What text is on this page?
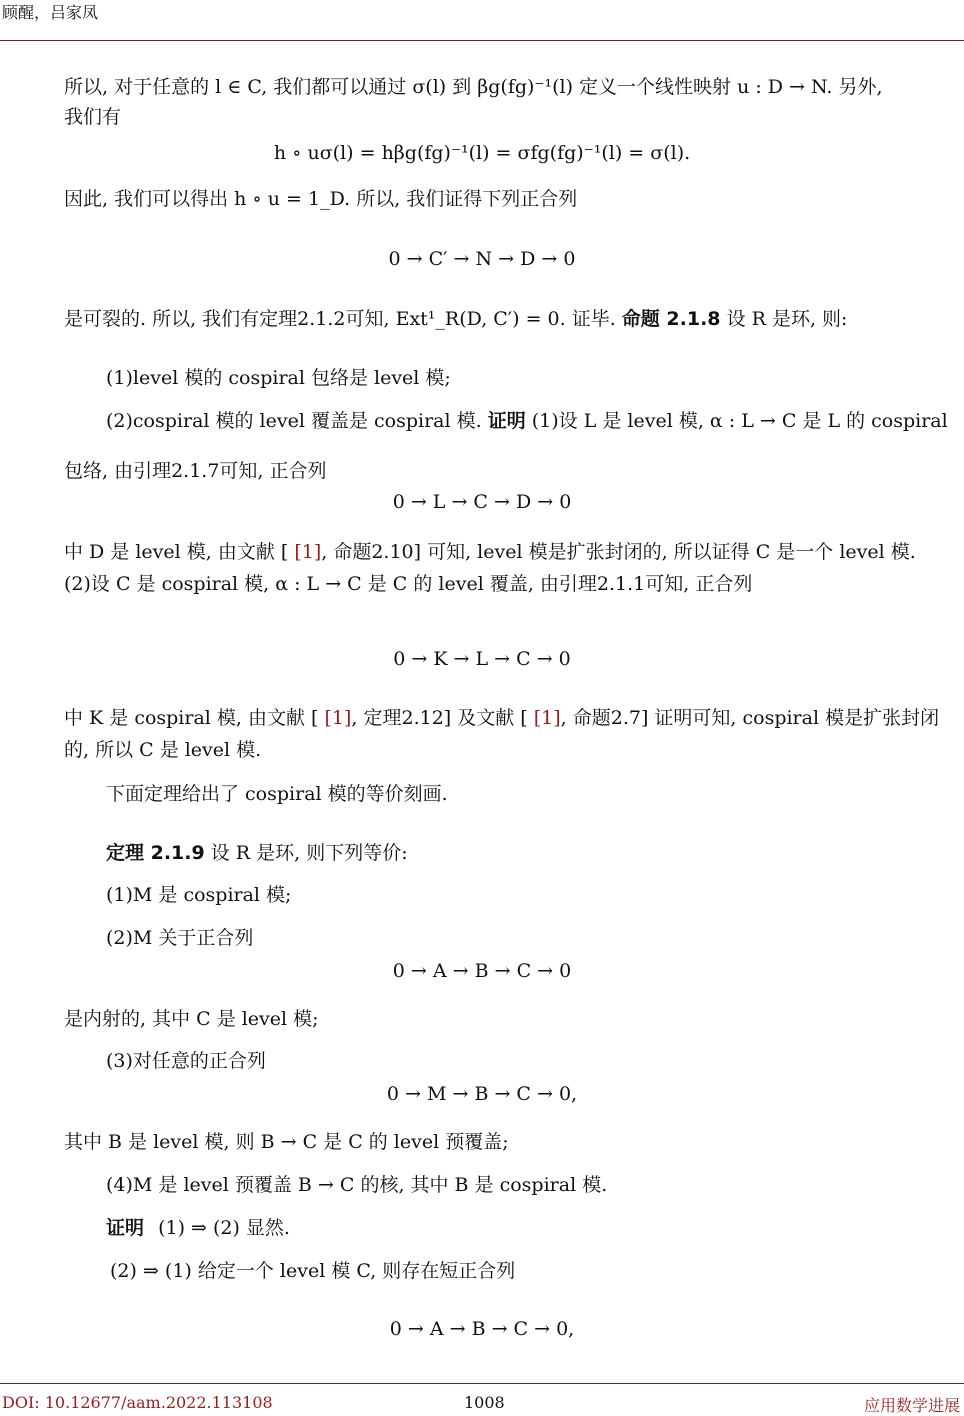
顾醒，吕家凤
所以, 对于任意的 l ∈ C, 我们都可以通过 σ(l) 到 βg(fg)⁻¹(l) 定义一个线性映射 u : D → N. 另外,
我们有
h ∘ uσ(l) = hβg(fg)⁻¹(l) = σfg(fg)⁻¹(l) = σ(l).
因此, 我们可以得出 h ∘ u = 1_D. 所以, 我们证得下列正合列
0 → C′ → N → D → 0
是可裂的. 所以, 我们有定理2.1.2可知, Ext¹_R(D, C′) = 0. 证毕. 命题 2.1.8 设 R 是环, 则:
(1)level 模的 cospiral 包络是 level 模;
(2)cospiral 模的 level 覆盖是 cospiral 模. 证明 (1)设 L 是 level 模, α : L → C 是 L 的 cospiral
包络, 由引理2.1.7可知, 正合列
0 → L → C → D → 0
中 D 是 level 模, 由文献 [ [1], 命题2.10] 可知, level 模是扩张封闭的, 所以证得 C 是一个 level 模.
(2)设 C 是 cospiral 模, α : L → C 是 C 的 level 覆盖, 由引理2.1.1可知, 正合列
0 → K → L → C → 0
中 K 是 cospiral 模, 由文献 [ [1], 定理2.12] 及文献 [ [1], 命题2.7] 证明可知, cospiral 模是扩张封闭
的, 所以 C 是 level 模.
下面定理给出了 cospiral 模的等价刻画.
定理 2.1.9 设 R 是环, 则下列等价:
(1)M 是 cospiral 模;
(2)M 关于正合列
0 → A → B → C → 0
是内射的, 其中 C 是 level 模;
(3)对任意的正合列
0 → M → B → C → 0,
其中 B 是 level 模, 则 B → C 是 C 的 level 预覆盖;
(4)M 是 level 预覆盖 B → C 的核, 其中 B 是 cospiral 模.
证明 (1) ⇒ (2) 显然.
(2) ⇒ (1) 给定一个 level 模 C, 则存在短正合列
0 → A → B → C → 0,
DOI: 10.12677/aam.2022.113108	1008	应用数学进展
